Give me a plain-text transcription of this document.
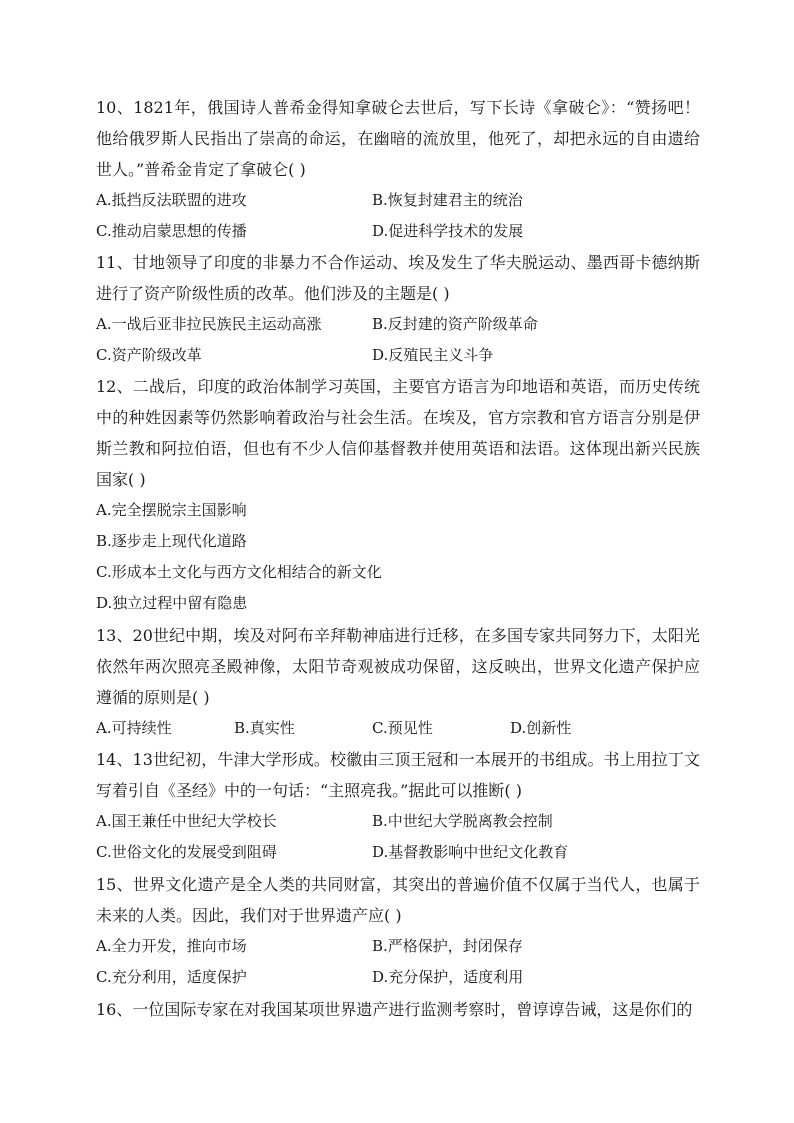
10、1821年，俄国诗人普希金得知拿破仑去世后，写下长诗《拿破仑》：“赞扬吧！他给俄罗斯人民指出了崇高的命运，在幽暗的流放里，他死了，却把永远的自由遗给世人。”普希金肯定了拿破仑( )

A.抵挡反法联盟的进攻	B.恢复封建君主的统治
C.推动启蒙思想的传播	D.促进科学技术的发展

11、甘地领导了印度的非暴力不合作运动、埃及发生了华夫脱运动、墨西哥卡德纳斯进行了资产阶级性质的改革。他们涉及的主题是( )

A.一战后亚非拉民族民主运动高涨	B.反封建的资产阶级革命
C.资产阶级改革	D.反殖民主义斗争

12、二战后，印度的政治体制学习英国，主要官方语言为印地语和英语，而历史传统中的种姓因素等仍然影响着政治与社会生活。在埃及，官方宗教和官方语言分别是伊斯兰教和阿拉伯语，但也有不少人信仰基督教并使用英语和法语。这体现出新兴民族国家( )

A.完全摆脱宗主国影响
B.逐步走上现代化道路
C.形成本土文化与西方文化相结合的新文化
D.独立过程中留有隐患

13、20世纪中期，埃及对阿布辛拜勒神庙进行迁移，在多国专家共同努力下，太阳光依然年两次照亮圣殿神像，太阳节奇观被成功保留，这反映出，世界文化遗产保护应遵循的原则是( )

A.可持续性	B.真实性	C.预见性	D.创新性

14、13世纪初，牛津大学形成。校徽由三顶王冠和一本展开的书组成。书上用拉丁文写着引自《圣经》中的一句话：“主照亮我。”据此可以推断( )

A.国王兼任中世纪大学校长	B.中世纪大学脱离教会控制
C.世俗文化的发展受到阻碍	D.基督教影响中世纪文化教育

15、世界文化遗产是全人类的共同财富，其突出的普遍价值不仅属于当代人，也属于未来的人类。因此，我们对于世界遗产应( )

A.全力开发，推向市场	B.严格保护，封闭保存
C.充分利用，适度保护	D.充分保护，适度利用

16、一位国际专家在对我国某项世界遗产进行监测考察时，曾谆谆告诫，这是你们的
